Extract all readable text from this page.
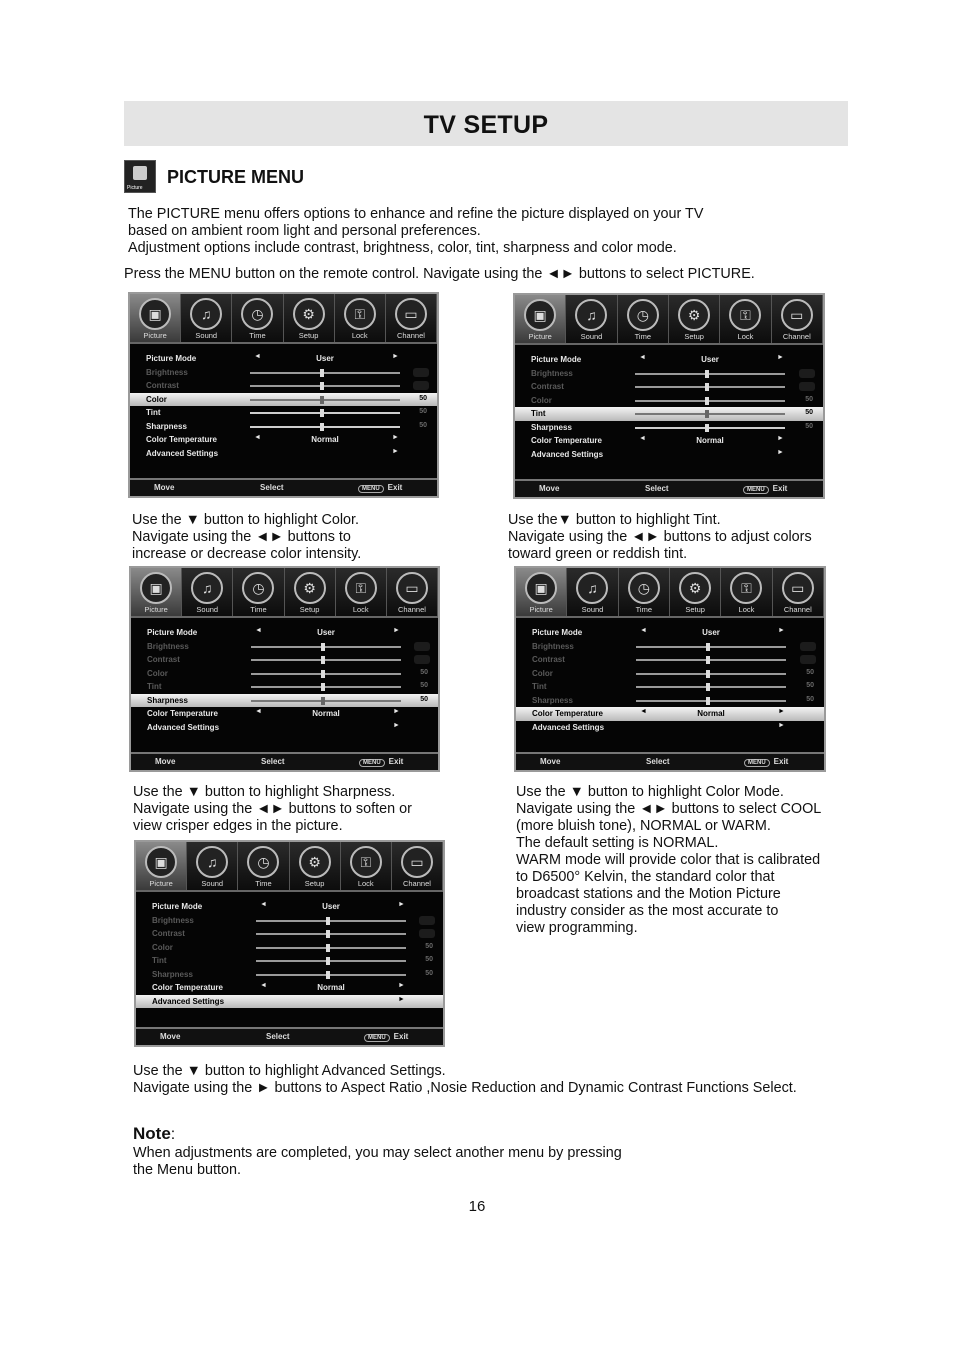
TV SETUP
Picture
PICTURE MENU

The PICTURE menu offers options to enhance and refine the picture displayed on your TV

based on ambient room light and personal preferences.

Adjustment options include contrast, brightness, color, tint, sharpness and color mode.

Press the MENU button on the remote control. Navigate using the ◄► buttons to select PICTURE.
▣
Picture
♫
Sound
◷
Time
⚙
Setup
⚿
Lock
▭
Channel
Picture Mode	◄	User	►
Brightness
Contrast
Color	50
Tint	50
Sharpness	50
Color Temperature	◄	Normal	►
Advanced Settings	►
Move	Select	MENU Exit
▣
Picture
♫
Sound
◷
Time
⚙
Setup
⚿
Lock
▭
Channel
Picture Mode	◄	User	►
Brightness
Contrast
Color	50
Tint	50
Sharpness	50
Color Temperature	◄	Normal	►
Advanced Settings	►
Move	Select	MENU Exit
▣
Picture
♫
Sound
◷
Time
⚙
Setup
⚿
Lock
▭
Channel
Picture Mode	◄	User	►
Brightness
Contrast
Color	50
Tint	50
Sharpness	50
Color Temperature	◄	Normal	►
Advanced Settings	►
Move	Select	MENU Exit
▣
Picture
♫
Sound
◷
Time
⚙
Setup
⚿
Lock
▭
Channel
Picture Mode	◄	User	►
Brightness
Contrast
Color	50
Tint	50
Sharpness	50
Color Temperature	◄	Normal	►
Advanced Settings	►
Move	Select	MENU Exit
▣
Picture
♫
Sound
◷
Time
⚙
Setup
⚿
Lock
▭
Channel
Picture Mode	◄	User	►
Brightness
Contrast
Color	50
Tint	50
Sharpness	50
Color Temperature	◄	Normal	►
Advanced Settings	►
Move	Select	MENU Exit

Use the ▼ button to highlight Color.

Navigate using the ◄► buttons to

increase or decrease color intensity.

Use the▼ button to highlight Tint.

Navigate using the ◄► buttons to adjust colors

toward green or reddish tint.

Use the ▼ button to highlight Sharpness.

Navigate using the ◄► buttons to soften or

view crisper edges in the picture.

Use the ▼ button to highlight Color Mode.

Navigate using the ◄► buttons to select COOL

(more bluish tone), NORMAL or WARM.

The default setting is NORMAL.

WARM mode will provide color that is calibrated

to D6500° Kelvin, the standard color that

broadcast stations and the Motion Picture

industry consider as the most accurate to

view programming.

Use the ▼ button to highlight Advanced Settings.

Navigate using the ► buttons to Aspect Ratio ,Nosie Reduction and Dynamic Contrast Functions Select.

Note:

When adjustments are completed, you may select another menu by pressing

the Menu button.

16
